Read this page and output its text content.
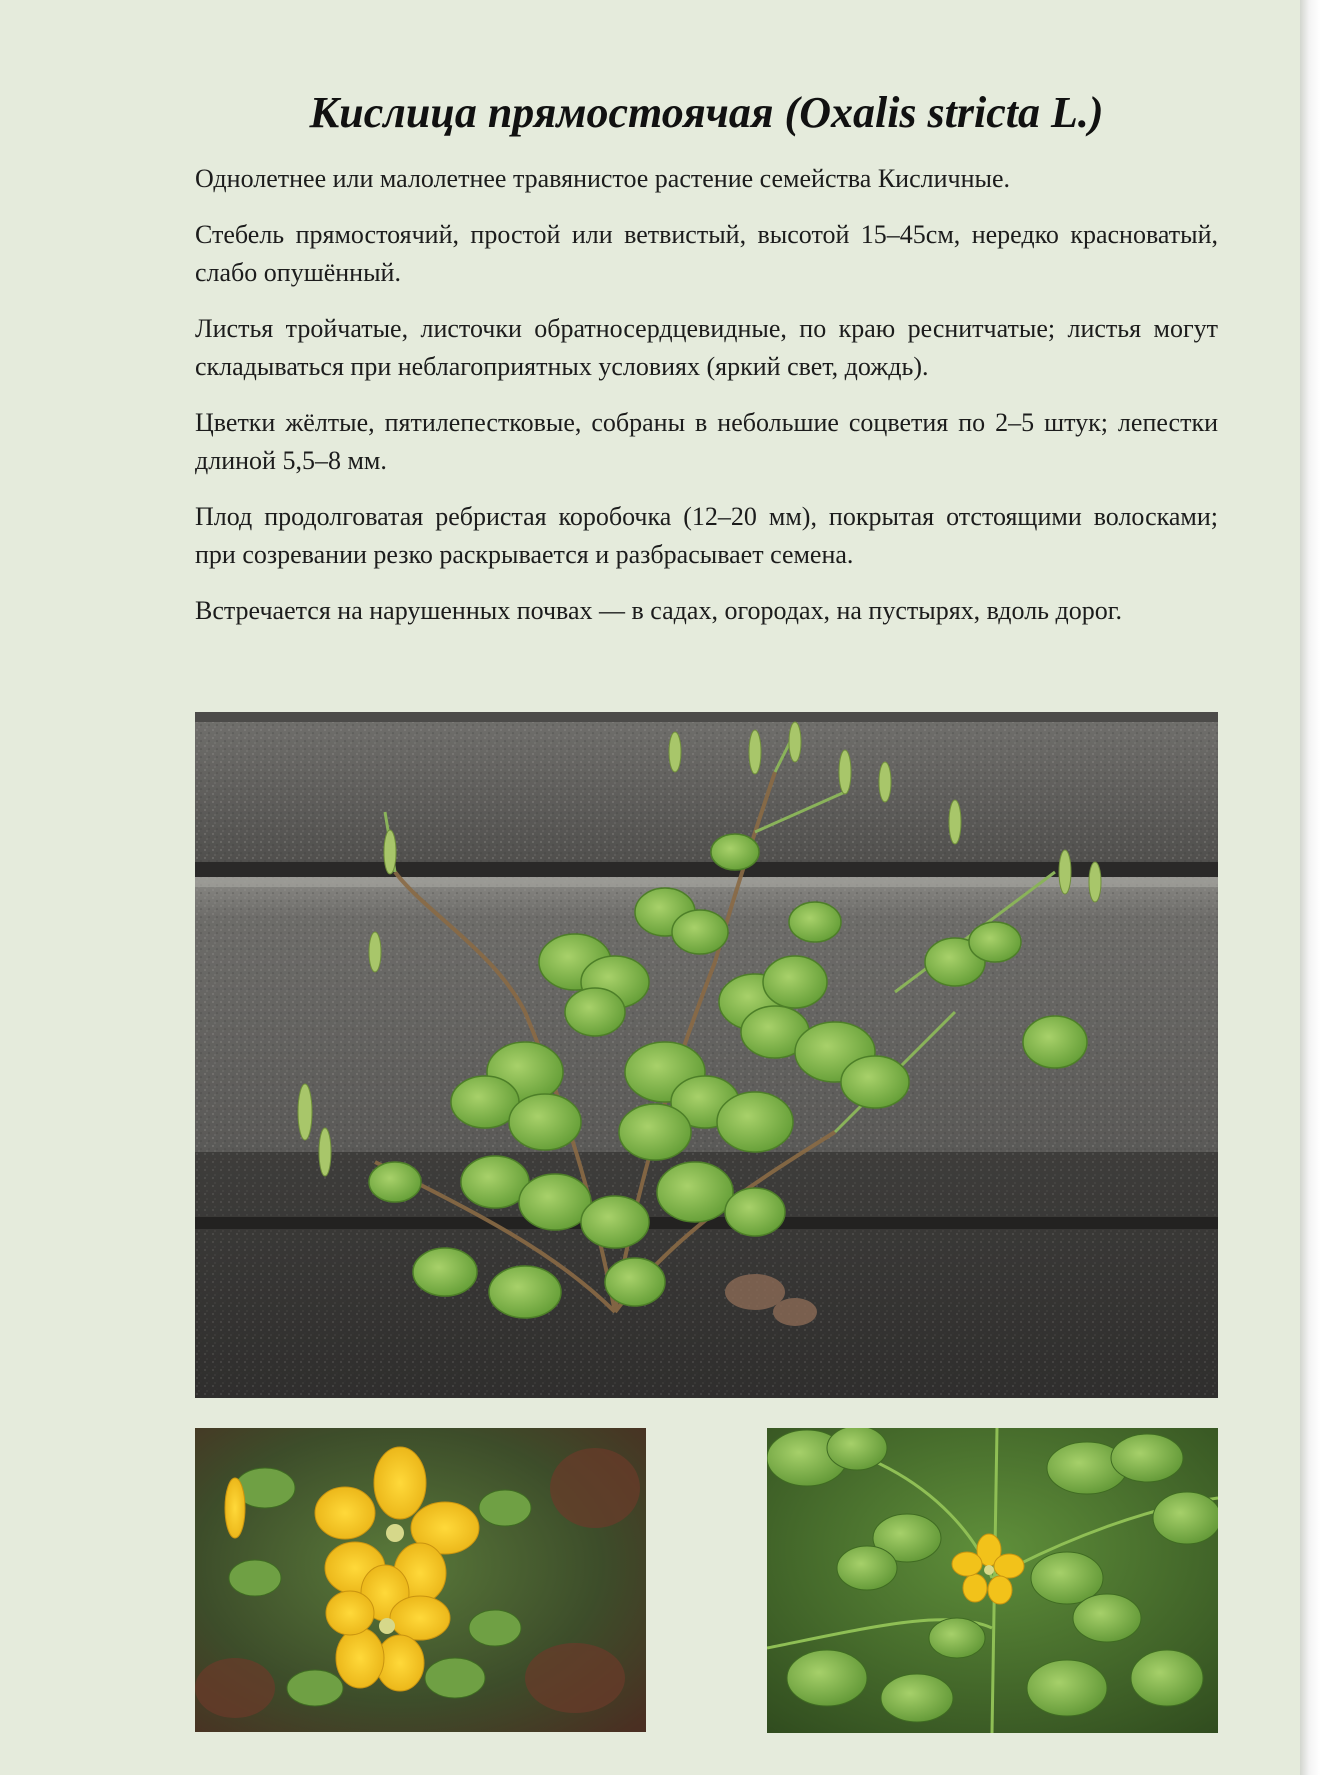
Кислица прямостоячая (Oxalis stricta L.)

Однолетнее или малолетнее травянистое растение семейства Кисличные.

Стебель прямостоячий, простой или ветвистый, высотой 15–45см, нередко красноватый, слабо опушённый.

Листья тройчатые, листочки обратносердцевидные, по краю реснитчатые; листья могут складываться при неблагоприятных условиях (яркий свет, дождь).

Цветки жёлтые, пятилепестковые, собраны в небольшие соцветия по 2–5 штук; лепестки длиной 5,5–8 мм.

Плод продолговатая ребристая коробочка (12–20 мм), покрытая отстоящими волосками; при созревании резко раскрывается и разбрасывает семена.

Встречается на нарушенных почвах — в садах, огородах, на пустырях, вдоль дорог.
